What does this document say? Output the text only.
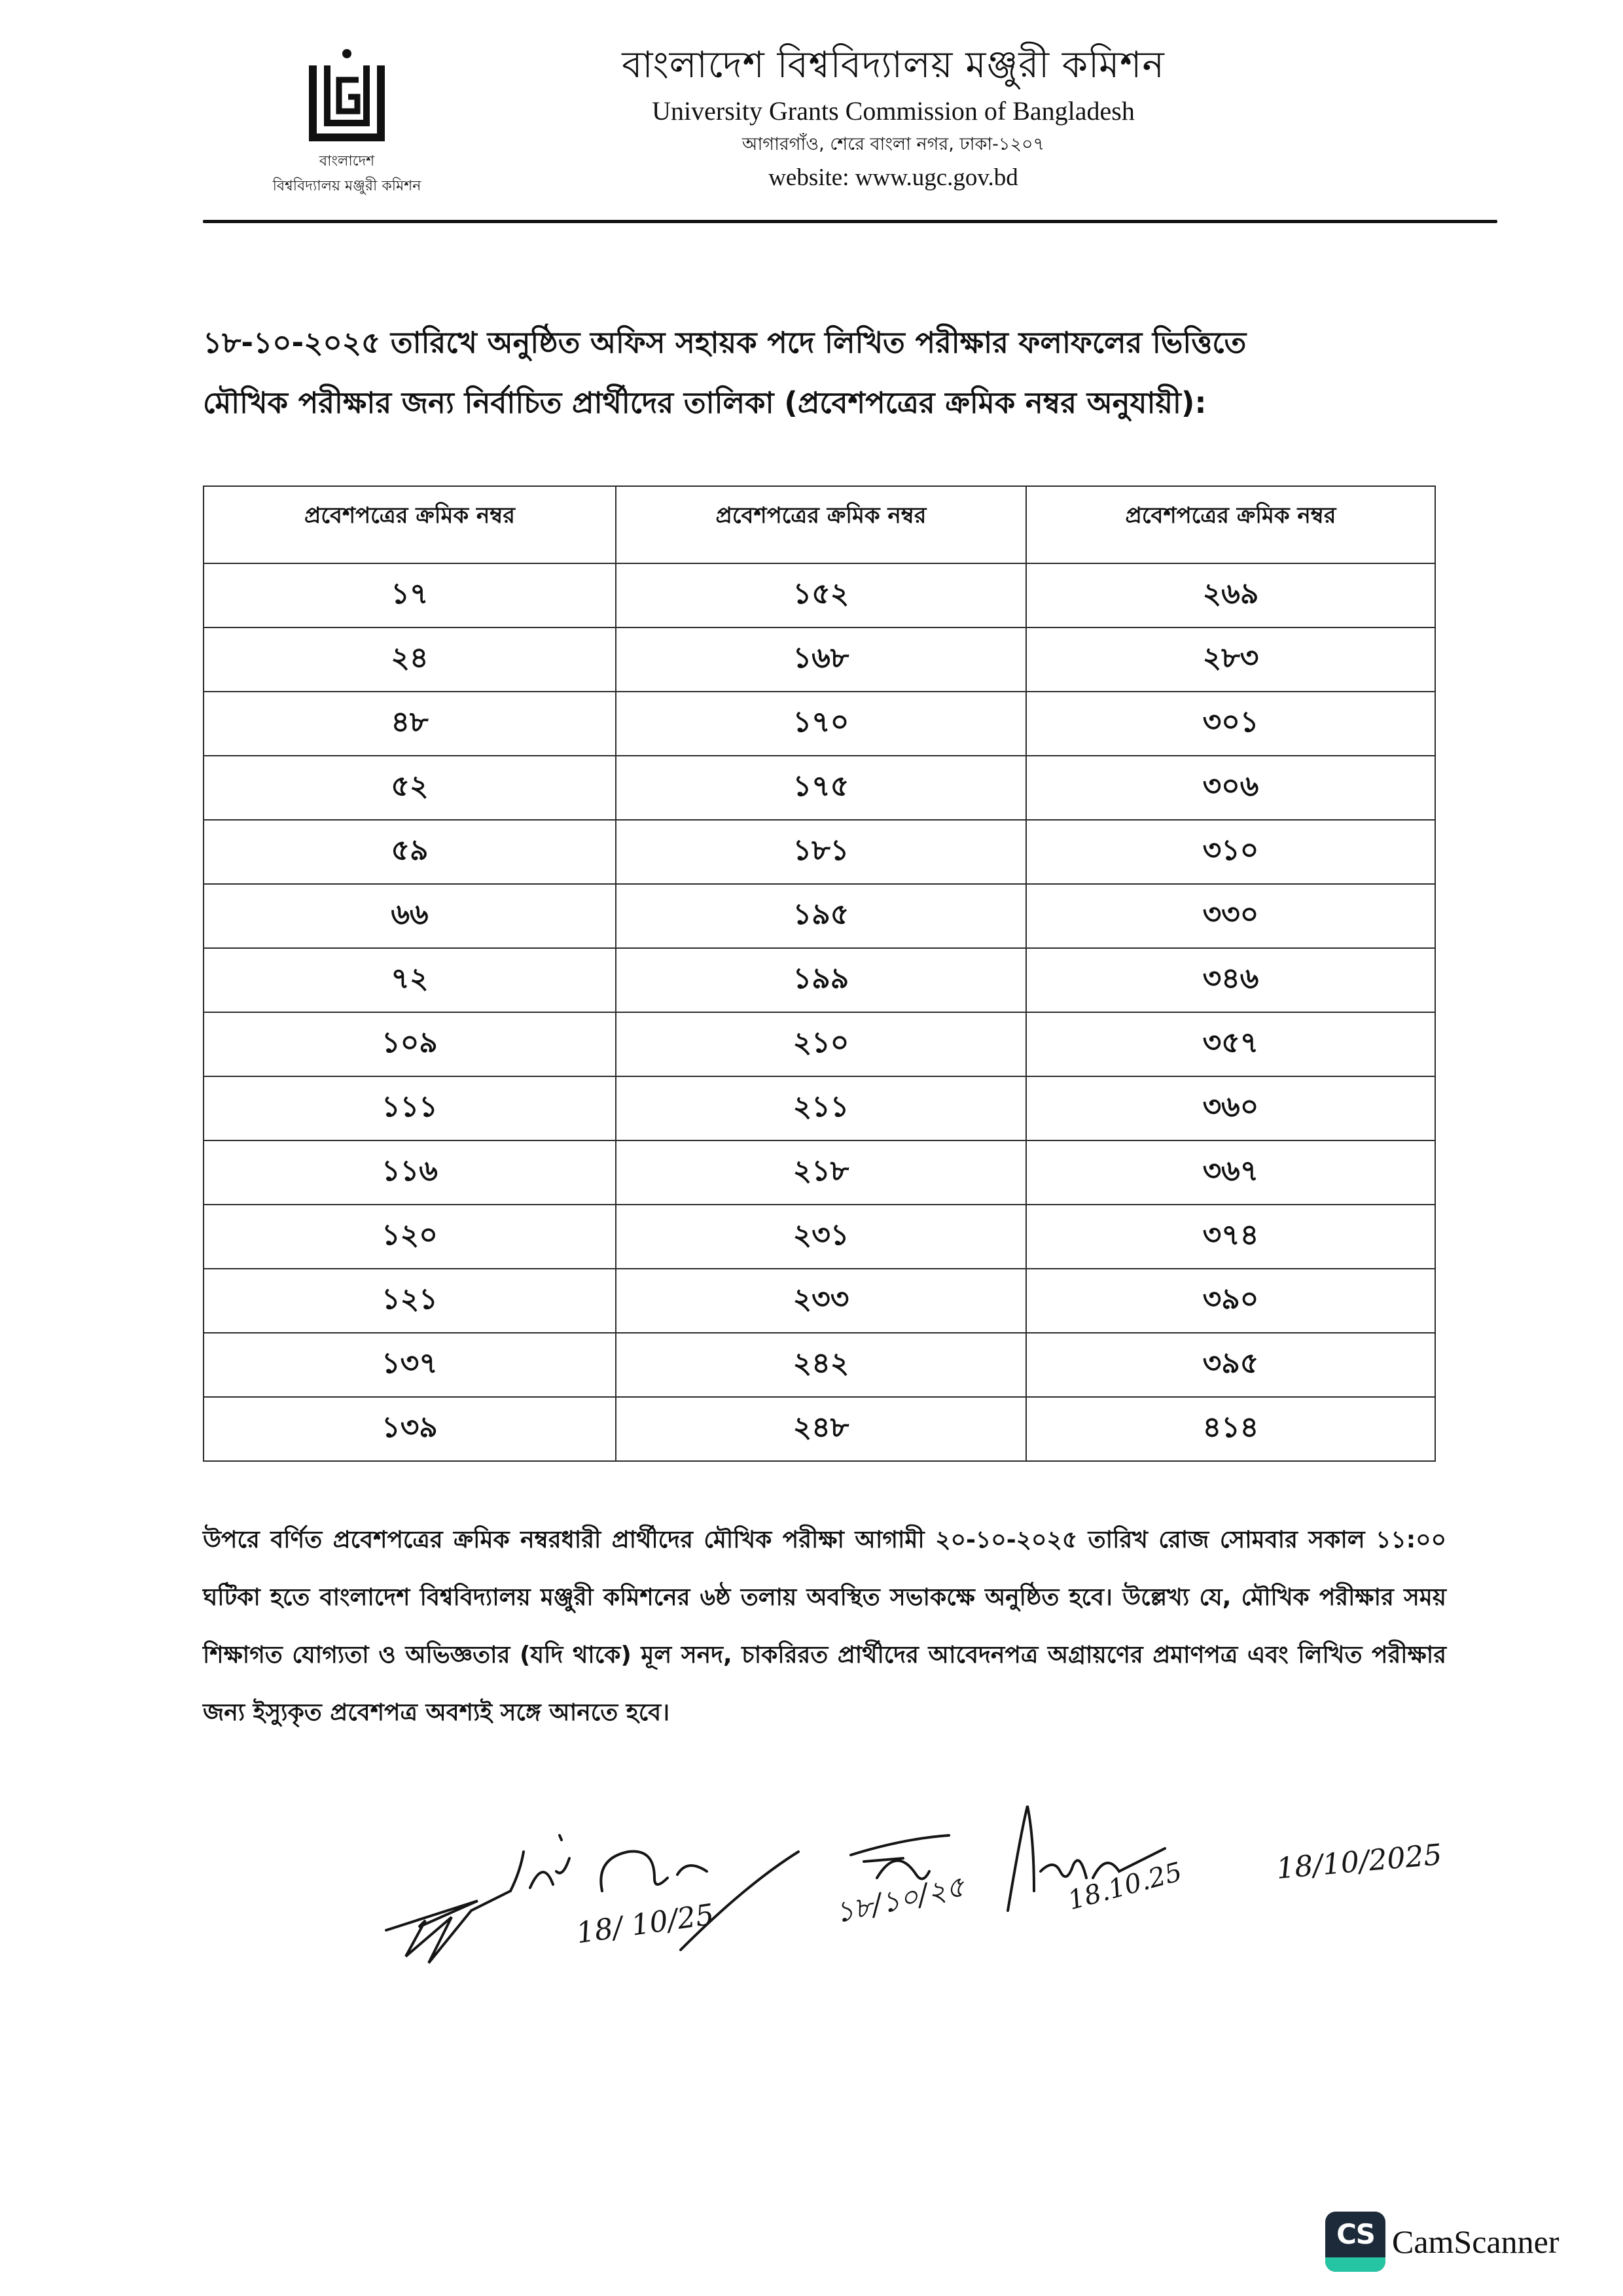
বাংলাদেশ
বিশ্ববিদ্যালয় মঞ্জুরী কমিশন
বাংলাদেশ বিশ্ববিদ্যালয় মঞ্জুরী কমিশন
University Grants Commission of Bangladesh
আগারগাঁও, শেরে বাংলা নগর, ঢাকা-১২০৭
website: www.ugc.gov.bd
১৮-১০-২০২৫ তারিখে অনুষ্ঠিত অফিস সহায়ক পদে লিখিত পরীক্ষার ফলাফলের ভিত্তিতে
মৌখিক পরীক্ষার জন্য নির্বাচিত প্রার্থীদের তালিকা (প্রবেশপত্রের ক্রমিক নম্বর অনুযায়ী):
প্রবেশপত্রের ক্রমিক নম্বর	প্রবেশপত্রের ক্রমিক নম্বর	প্রবেশপত্রের ক্রমিক নম্বর
১৭	১৫২	২৬৯
২৪	১৬৮	২৮৩
৪৮	১৭০	৩০১
৫২	১৭৫	৩০৬
৫৯	১৮১	৩১০
৬৬	১৯৫	৩৩০
৭২	১৯৯	৩৪৬
১০৯	২১০	৩৫৭
১১১	২১১	৩৬০
১১৬	২১৮	৩৬৭
১২০	২৩১	৩৭৪
১২১	২৩৩	৩৯০
১৩৭	২৪২	৩৯৫
১৩৯	২৪৮	৪১৪
উপরে বর্ণিত প্রবেশপত্রের ক্রমিক নম্বরধারী প্রার্থীদের মৌখিক পরীক্ষা আগামী ২০-১০-২০২৫ তারিখ রোজ সোমবার সকাল ১১:০০ ঘটিকা হতে বাংলাদেশ বিশ্ববিদ্যালয় মঞ্জুরী কমিশনের ৬ষ্ঠ তলায় অবস্থিত সভাকক্ষে অনুষ্ঠিত হবে। উল্লেখ্য যে, মৌখিক পরীক্ষার সময় শিক্ষাগত যোগ্যতা ও অভিজ্ঞতার (যদি থাকে) মূল সনদ, চাকরিরত প্রার্থীদের আবেদনপত্র অগ্রায়ণের প্রমাণপত্র এবং লিখিত পরীক্ষার জন্য ইস্যুকৃত প্রবেশপত্র অবশ্যই সঙ্গে আনতে হবে।
18/ 10/25	১৮/১০/২৫	18.10.25	18/10/2025
CS CamScanner
